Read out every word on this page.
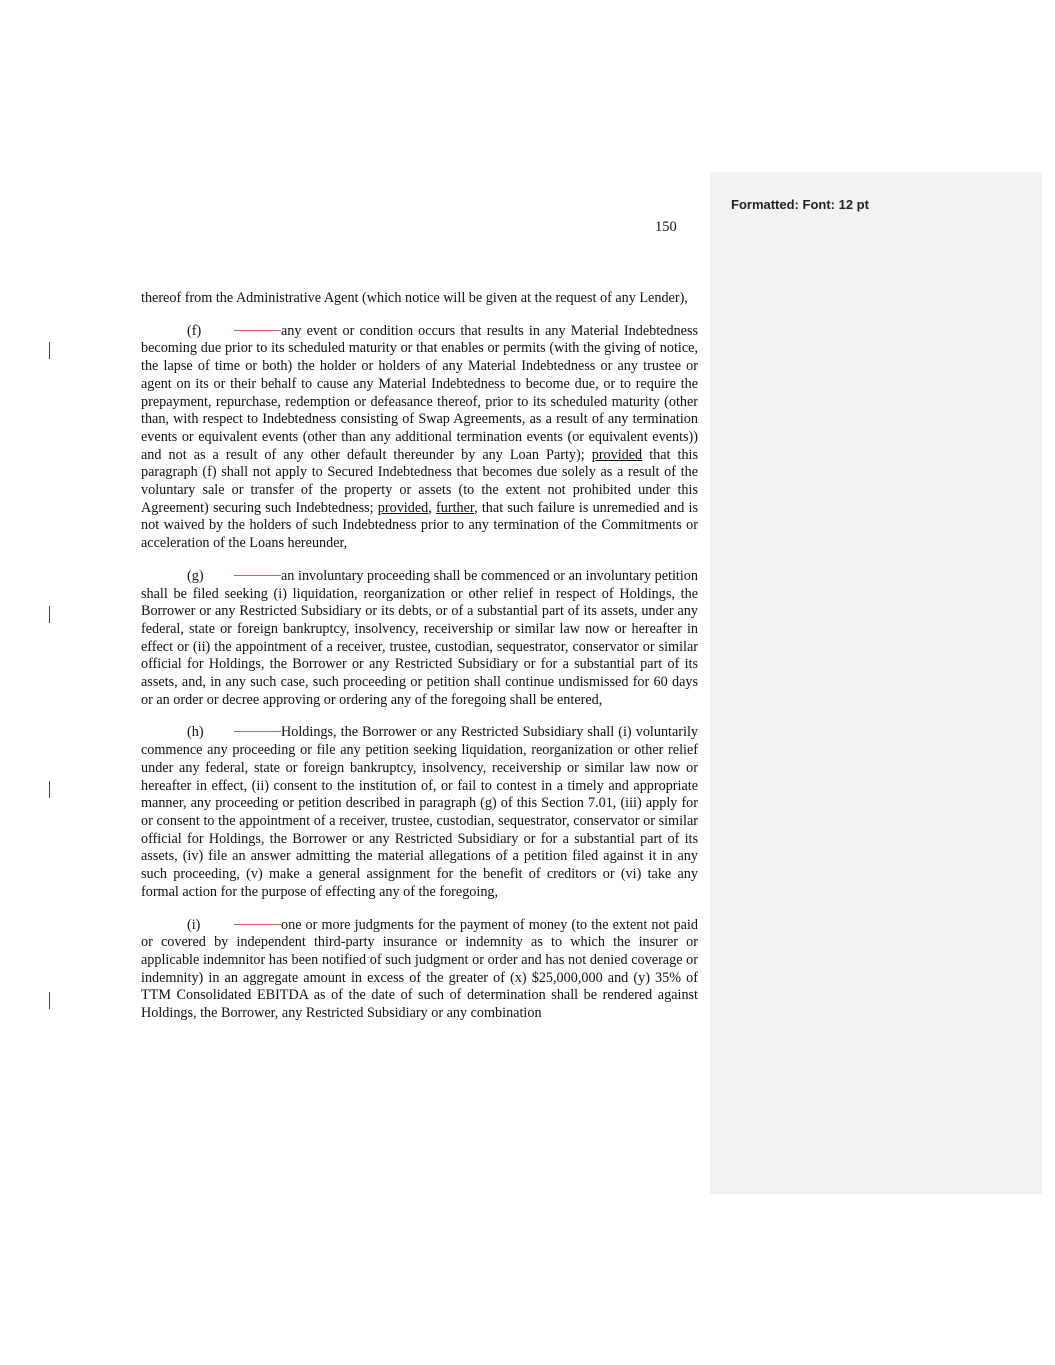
150

thereof from the Administrative Agent (which notice will be given at the request of any Lender),

(f)	any event or condition occurs that results in any Material Indebtedness becoming due prior to its scheduled maturity or that enables or permits (with the giving of notice, the lapse of time or both) the holder or holders of any Material Indebtedness or any trustee or agent on its or their behalf to cause any Material Indebtedness to become due, or to require the prepayment, repurchase, redemption or defeasance thereof, prior to its scheduled maturity (other than, with respect to Indebtedness consisting of Swap Agreements, as a result of any termination events or equivalent events (other than any additional termination events (or equivalent events)) and not as a result of any other default thereunder by any Loan Party); provided that this paragraph (f) shall not apply to Secured Indebtedness that becomes due solely as a result of the voluntary sale or transfer of the property or assets (to the extent not prohibited under this Agreement) securing such Indebtedness; provided, further, that such failure is unremedied and is not waived by the holders of such Indebtedness prior to any termination of the Commitments or acceleration of the Loans hereunder,

(g)	an involuntary proceeding shall be commenced or an involuntary petition shall be filed seeking (i) liquidation, reorganization or other relief in respect of Holdings, the Borrower or any Restricted Subsidiary or its debts, or of a substantial part of its assets, under any federal, state or foreign bankruptcy, insolvency, receivership or similar law now or hereafter in effect or (ii) the appointment of a receiver, trustee, custodian, sequestrator, conservator or similar official for Holdings, the Borrower or any Restricted Subsidiary or for a substantial part of its assets, and, in any such case, such proceeding or petition shall continue undismissed for 60 days or an order or decree approving or ordering any of the foregoing shall be entered,

(h)	Holdings, the Borrower or any Restricted Subsidiary shall (i) voluntarily commence any proceeding or file any petition seeking liquidation, reorganization or other relief under any federal, state or foreign bankruptcy, insolvency, receivership or similar law now or hereafter in effect, (ii) consent to the institution of, or fail to contest in a timely and appropriate manner, any proceeding or petition described in paragraph (g) of this Section 7.01, (iii) apply for or consent to the appointment of a receiver, trustee, custodian, sequestrator, conservator or similar official for Holdings, the Borrower or any Restricted Subsidiary or for a substantial part of its assets, (iv) file an answer admitting the material allegations of a petition filed against it in any such proceeding, (v) make a general assignment for the benefit of creditors or (vi) take any formal action for the purpose of effecting any of the foregoing,

(i)	one or more judgments for the payment of money (to the extent not paid or covered by independent third-party insurance or indemnity as to which the insurer or applicable indemnitor has been notified of such judgment or order and has not denied coverage or indemnity) in an aggregate amount in excess of the greater of (x) $25,000,000 and (y) 35% of TTM Consolidated EBITDA as of the date of such of determination shall be rendered against Holdings, the Borrower, any Restricted Subsidiary or any combination

Formatted: Font: 12 pt
